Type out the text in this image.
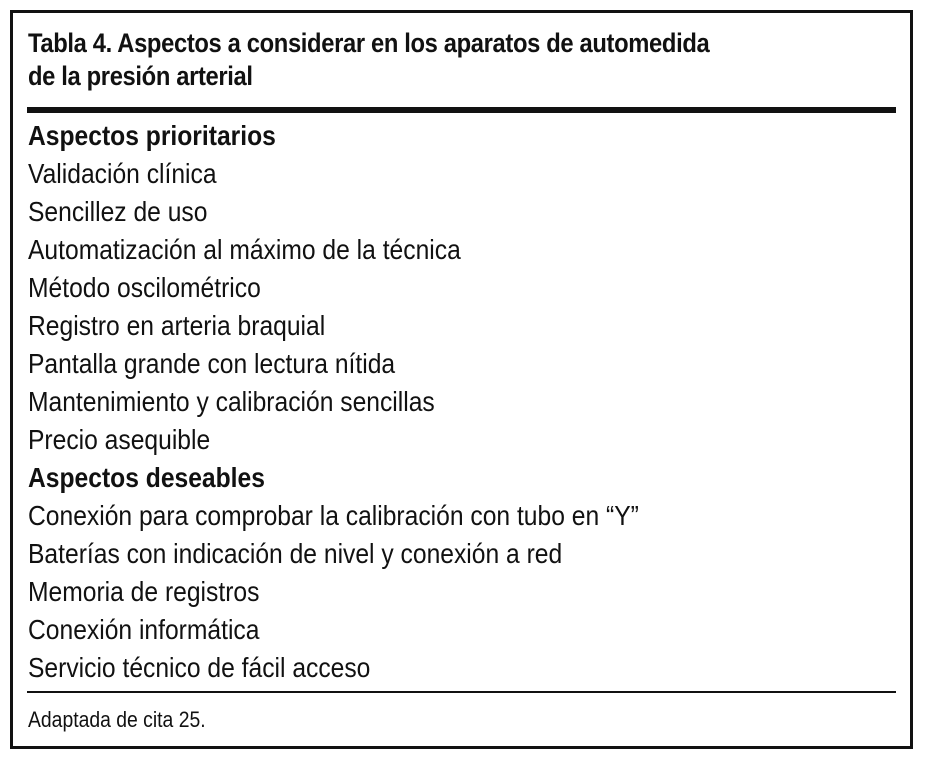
Tabla 4. Aspectos a considerar en los aparatos de automedida
de la presión arterial
Aspectos prioritarios
Validación clínica
Sencillez de uso
Automatización al máximo de la técnica
Método oscilométrico
Registro en arteria braquial
Pantalla grande con lectura nítida
Mantenimiento y calibración sencillas
Precio asequible
Aspectos deseables
Conexión para comprobar la calibración con tubo en “Y”
Baterías con indicación de nivel y conexión a red
Memoria de registros
Conexión informática
Servicio técnico de fácil acceso
Adaptada de cita 25.
